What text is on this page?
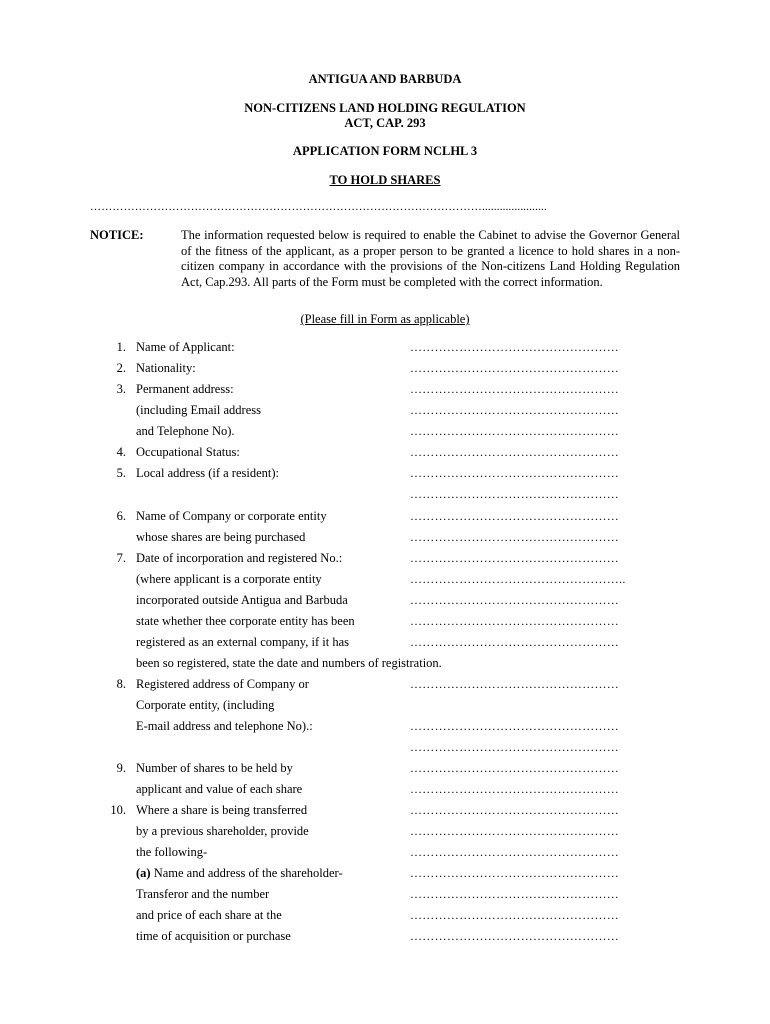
ANTIGUA AND BARBUDA
NON-CITIZENS LAND HOLDING REGULATION
ACT, CAP. 293
APPLICATION FORM NCLHL 3
TO HOLD SHARES
……………………………………………………………………………………………......................
NOTICE:	The information requested below is required to enable the Cabinet to advise the Governor General of the fitness of the applicant, as a proper person to be granted a licence to hold shares in a non-citizen company in accordance with the provisions of the Non-citizens Land Holding Regulation Act, Cap.293. All parts of the Form must be completed with the correct information.
(Please fill in Form as applicable)
1. Name of Applicant:	……………………………………………
2. Nationality:	……………………………………………
3. Permanent address:	……………………………………………
(including Email address	……………………………………………
and Telephone No).	……………………………………………
4. Occupational Status:	……………………………………………
5. Local address (if a resident):	……………………………………………
……………………………………………
6. Name of Company or corporate entity	……………………………………………
whose shares are being purchased	……………………………………………
7. Date of incorporation and registered No.:	……………………………………………
(where applicant is a corporate entity	……………………………………………..
incorporated outside Antigua and Barbuda	……………………………………………
state whether thee corporate entity has been	……………………………………………
registered as an external company, if it has	……………………………………………
been so registered, state the date and numbers of registration.
8. Registered address of Company or	……………………………………………
Corporate entity, (including
E-mail address and telephone No).:	……………………………………………
……………………………………………
9. Number of shares to be held by	……………………………………………
applicant and value of each share	……………………………………………
10. Where a share is being transferred	……………………………………………
by a previous shareholder, provide	……………………………………………
the following-	……………………………………………
(a) Name and address of the shareholder-	……………………………………………
Transferor and the number	……………………………………………
and price of each share at the	……………………………………………
time of acquisition or purchase	……………………………………………
